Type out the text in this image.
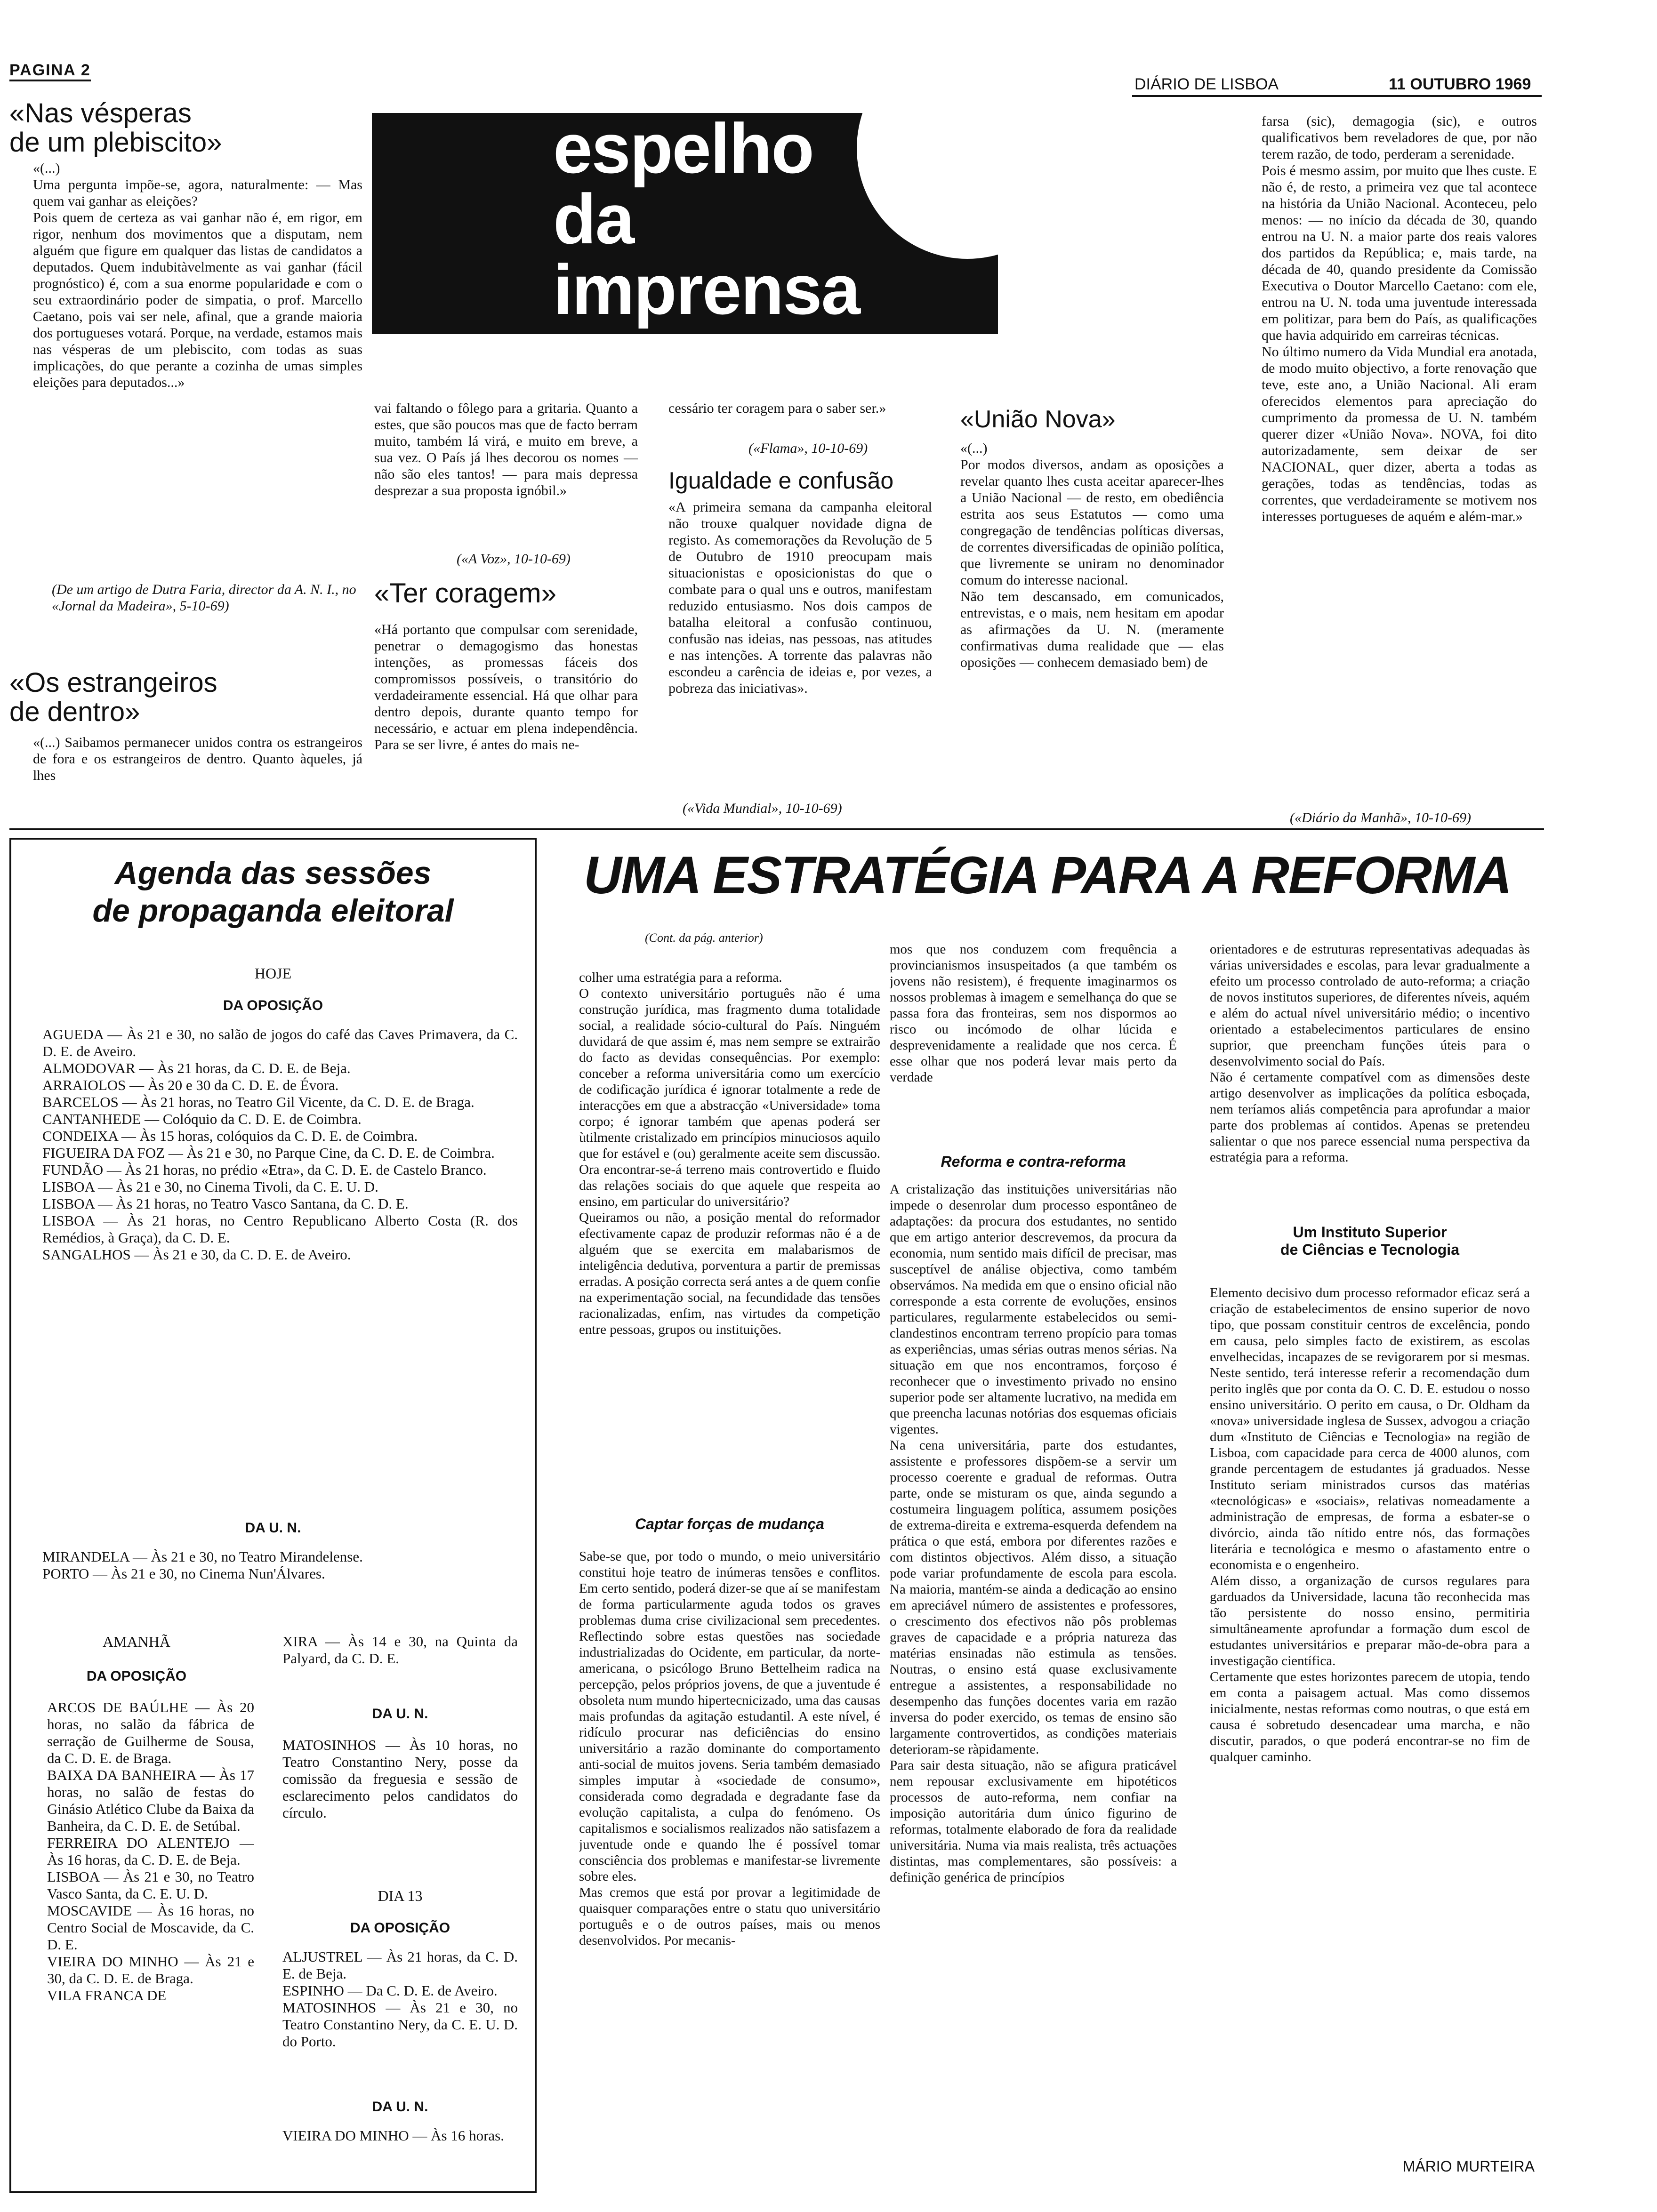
PAGINA 2
DIÁRIO DE LISBOA	11 OUTUBRO 1969
espelho
da
imprensa
«Nas vésperas
de um plebiscito»
«(...)
Uma pergunta impõe-se, agora, naturalmente: — Mas quem vai ganhar as eleições?
Pois quem de certeza as vai ganhar não é, em rigor, em rigor, nenhum dos movimentos que a disputam, nem alguém que figure em qualquer das listas de candidatos a deputados. Quem indubitàvelmente as vai ganhar (fácil prognóstico) é, com a sua enorme popularidade e com o seu extraordinário poder de simpatia, o prof. Marcello Caetano, pois vai ser nele, afinal, que a grande maioria dos portugueses votará. Porque, na verdade, estamos mais nas vésperas de um plebiscito, com todas as suas implicações, do que perante a cozinha de umas simples eleições para deputados...»
(De um artigo de Dutra Faria, director da A. N. I., no «Jornal da Madeira», 5-10-69)
«Os estrangeiros
de dentro»
«(...) Saibamos permanecer unidos contra os estrangeiros de fora e os estrangeiros de dentro. Quanto àqueles, já lhes
vai faltando o fôlego para a gritaria. Quanto a estes, que são poucos mas que de facto berram muito, também lá virá, e muito em breve, a sua vez. O País já lhes decorou os nomes — não são eles tantos! — para mais depressa desprezar a sua proposta ignóbil.»
(«A Voz», 10-10-69)
«Ter coragem»
«Há portanto que compulsar com serenidade, penetrar o demagogismo das honestas intenções, as promessas fáceis dos compromissos possíveis, o transitório do verdadeiramente essencial. Há que olhar para dentro depois, durante quanto tempo for necessário, e actuar em plena independência. Para se ser livre, é antes do mais ne-
cessário ter coragem para o saber ser.»
(«Flama», 10-10-69)
Igualdade e confusão
«A primeira semana da campanha eleitoral não trouxe qualquer novidade digna de registo. As comemorações da Revolução de 5 de Outubro de 1910 preocupam mais situacionistas e oposicionistas do que o combate para o qual uns e outros, manifestam reduzido entusiasmo. Nos dois campos de batalha eleitoral a confusão continuou, confusão nas ideias, nas pessoas, nas atitudes e nas intenções. A torrente das palavras não escondeu a carência de ideias e, por vezes, a pobreza das iniciativas».
(«Vida Mundial», 10-10-69)
«União Nova»
«(...)
Por modos diversos, andam as oposições a revelar quanto lhes custa aceitar aparecer-lhes a União Nacional — de resto, em obediência estrita aos seus Estatutos — como uma congregação de tendências políticas diversas, de correntes diversificadas de opinião política, que livremente se uniram no denominador comum do interesse nacional.
Não tem descansado, em comunicados, entrevistas, e o mais, nem hesitam em apodar as afirmações da U. N. (meramente confirmativas duma realidade que — elas oposições — conhecem demasiado bem) de
farsa (sic), demagogia (sic), e outros qualificativos bem reveladores de que, por não terem razão, de todo, perderam a serenidade.
Pois é mesmo assim, por muito que lhes custe. E não é, de resto, a primeira vez que tal acontece na história da União Nacional. Aconteceu, pelo menos: — no início da década de 30, quando entrou na U. N. a maior parte dos reais valores dos partidos da República; e, mais tarde, na década de 40, quando presidente da Comissão Executiva o Doutor Marcello Caetano: com ele, entrou na U. N. toda uma juventude interessada em politizar, para bem do País, as qualificações que havia adquirido em carreiras técnicas.
No último numero da Vida Mundial era anotada, de modo muito objectivo, a forte renovação que teve, este ano, a União Nacional. Ali eram oferecidos elementos para apreciação do cumprimento da promessa de U. N. também querer dizer «União Nova». NOVA, foi dito autorizadamente, sem deixar de ser NACIONAL, quer dizer, aberta a todas as gerações, todas as tendências, todas as correntes, que verdadeiramente se motivem nos interesses portugueses de aquém e além-mar.»
(«Diário da Manhã», 10-10-69)
Agenda das sessões
de propaganda eleitoral
HOJE
DA OPOSIÇÃO
AGUEDA — Às 21 e 30, no salão de jogos do café das Caves Primavera, da C. D. E. de Aveiro.
ALMODOVAR — Às 21 horas, da C. D. E. de Beja.
ARRAIOLOS — Às 20 e 30 da C. D. E. de Évora.
BARCELOS — Às 21 horas, no Teatro Gil Vicente, da C. D. E. de Braga.
CANTANHEDE — Colóquio da C. D. E. de Coimbra.
CONDEIXA — Às 15 horas, colóquios da C. D. E. de Coimbra.
FIGUEIRA DA FOZ — Às 21 e 30, no Parque Cine, da C. D. E. de Coimbra.
FUNDÃO — Às 21 horas, no prédio «Etra», da C. D. E. de Castelo Branco.
LISBOA — Às 21 e 30, no Cinema Tivoli, da C. E. U. D.
LISBOA — Às 21 horas, no Teatro Vasco Santana, da C. D. E.
LISBOA — Às 21 horas, no Centro Republicano Alberto Costa (R. dos Remédios, à Graça), da C. D. E.
SANGALHOS — Às 21 e 30, da C. D. E. de Aveiro.
DA U. N.
MIRANDELA — Às 21 e 30, no Teatro Mirandelense.
PORTO — Às 21 e 30, no Cinema Nun'Álvares.
AMANHÃ
DA OPOSIÇÃO
ARCOS DE BAÚLHE — Às 20 horas, no salão da fábrica de serração de Guilherme de Sousa, da C. D. E. de Braga.
BAIXA DA BANHEIRA — Às 17 horas, no salão de festas do Ginásio Atlético Clube da Baixa da Banheira, da C. D. E. de Setúbal.
FERREIRA DO ALENTEJO — Às 16 horas, da C. D. E. de Beja.
LISBOA — Às 21 e 30, no Teatro Vasco Santa, da C. E. U. D.
MOSCAVIDE — Às 16 horas, no Centro Social de Moscavide, da C. D. E.
VIEIRA DO MINHO — Às 21 e 30, da C. D. E. de Braga.
VILA FRANCA DE
XIRA — Às 14 e 30, na Quinta da Palyard, da C. D. E.
DA U. N.
MATOSINHOS — Às 10 horas, no Teatro Constantino Nery, posse da comissão da freguesia e sessão de esclarecimento pelos candidatos do círculo.
DIA 13
DA OPOSIÇÃO
ALJUSTREL — Às 21 horas, da C. D. E. de Beja.
ESPINHO — Da C. D. E. de Aveiro.
MATOSINHOS — Às 21 e 30, no Teatro Constantino Nery, da C. E. U. D. do Porto.
DA U. N.
VIEIRA DO MINHO — Às 16 horas.
UMA ESTRATÉGIA PARA A REFORMA
(Cont. da pág. anterior)
colher uma estratégia para a reforma.
O contexto universitário português não é uma construção jurídica, mas fragmento duma totalidade social, a realidade sócio-cultural do País. Ninguém duvidará de que assim é, mas nem sempre se extrairão do facto as devidas consequências. Por exemplo: conceber a reforma universitária como um exercício de codificação jurídica é ignorar totalmente a rede de interacções em que a abstracção «Universidade» toma corpo; é ignorar também que apenas poderá ser ùtilmente cristalizado em princípios minuciosos aquilo que for estável e (ou) geralmente aceite sem discussão. Ora encontrar-se-á terreno mais controvertido e fluido das relações sociais do que aquele que respeita ao ensino, em particular do universitário?
Queiramos ou não, a posição mental do reformador efectivamente capaz de produzir reformas não é a de alguém que se exercita em malabarismos de inteligência dedutiva, porventura a partir de premissas erradas. A posição correcta será antes a de quem confie na experimentação social, na fecundidade das tensões racionalizadas, enfim, nas virtudes da competição entre pessoas, grupos ou instituições.
Captar forças de mudança
Sabe-se que, por todo o mundo, o meio universitário constitui hoje teatro de inúmeras tensões e conflitos. Em certo sentido, poderá dizer-se que aí se manifestam de forma particularmente aguda todos os graves problemas duma crise civilizacional sem precedentes. Reflectindo sobre estas questões nas sociedade industrializadas do Ocidente, em particular, da norte-americana, o psicólogo Bruno Bettelheim radica na percepção, pelos próprios jovens, de que a juventude é obsoleta num mundo hipertecnicizado, uma das causas mais profundas da agitação estudantil. A este nível, é ridículo procurar nas deficiências do ensino universitário a razão dominante do comportamento anti-social de muitos jovens. Seria também demasiado simples imputar à «sociedade de consumo», considerada como degradada e degradante fase da evolução capitalista, a culpa do fenómeno. Os capitalismos e socialismos realizados não satisfazem a juventude onde e quando lhe é possível tomar consciência dos problemas e manifestar-se livremente sobre eles.
Mas cremos que está por provar a legitimidade de quaisquer comparações entre o statu quo universitário português e o de outros países, mais ou menos desenvolvidos. Por mecanis-
mos que nos conduzem com frequência a provincianismos insuspeitados (a que também os jovens não resistem), é frequente imaginarmos os nossos problemas à imagem e semelhança do que se passa fora das fronteiras, sem nos dispormos ao risco ou incómodo de olhar lúcida e desprevenidamente a realidade que nos cerca. É esse olhar que nos poderá levar mais perto da verdade
Reforma e contra-reforma
A cristalização das instituições universitárias não impede o desenrolar dum processo espontâneo de adaptações: da procura dos estudantes, no sentido que em artigo anterior descrevemos, da procura da economia, num sentido mais difícil de precisar, mas susceptível de análise objectiva, como também observámos. Na medida em que o ensino oficial não corresponde a esta corrente de evoluções, ensinos particulares, regularmente estabelecidos ou semi-clandestinos encontram terreno propício para tomas as experiências, umas sérias outras menos sérias. Na situação em que nos encontramos, forçoso é reconhecer que o investimento privado no ensino superior pode ser altamente lucrativo, na medida em que preencha lacunas notórias dos esquemas oficiais vigentes.
Na cena universitária, parte dos estudantes, assistente e professores dispõem-se a servir um processo coerente e gradual de reformas. Outra parte, onde se misturam os que, ainda segundo a costumeira linguagem política, assumem posições de extrema-direita e extrema-esquerda defendem na prática o que está, embora por diferentes razões e com distintos objectivos. Além disso, a situação pode variar profundamente de escola para escola. Na maioria, mantém-se ainda a dedicação ao ensino em apreciável número de assistentes e professores, o crescimento dos efectivos não pôs problemas graves de capacidade e a própria natureza das matérias ensinadas não estimula as tensões. Noutras, o ensino está quase exclusivamente entregue a assistentes, a responsabilidade no desempenho das funções docentes varia em razão inversa do poder exercido, os temas de ensino são largamente controvertidos, as condições materiais deterioram-se ràpidamente.
Para sair desta situação, não se afigura praticável nem repousar exclusivamente em hipotéticos processos de auto-reforma, nem confiar na imposição autoritária dum único figurino de reformas, totalmente elaborado de fora da realidade universitária. Numa via mais realista, três actuações distintas, mas complementares, são possíveis: a definição genérica de princípios
orientadores e de estruturas representativas adequadas às várias universidades e escolas, para levar gradualmente a efeito um processo controlado de auto-reforma; a criação de novos institutos superiores, de diferentes níveis, aquém e além do actual nível universitário médio; o incentivo orientado a estabelecimentos particulares de ensino suprior, que preencham funções úteis para o desenvolvimento social do País.
Não é certamente compatível com as dimensões deste artigo desenvolver as implicações da política esboçada, nem teríamos aliás competência para aprofundar a maior parte dos problemas aí contidos. Apenas se pretendeu salientar o que nos parece essencial numa perspectiva da estratégia para a reforma.
Um Instituto Superior
de Ciências e Tecnologia
Elemento decisivo dum processo reformador eficaz será a criação de estabelecimentos de ensino superior de novo tipo, que possam constituir centros de excelência, pondo em causa, pelo simples facto de existirem, as escolas envelhecidas, incapazes de se revigorarem por si mesmas. Neste sentido, terá interesse referir a recomendação dum perito inglês que por conta da O. C. D. E. estudou o nosso ensino universitário. O perito em causa, o Dr. Oldham da «nova» universidade inglesa de Sussex, advogou a criação dum «Instituto de Ciências e Tecnologia» na região de Lisboa, com capacidade para cerca de 4000 alunos, com grande percentagem de estudantes já graduados. Nesse Instituto seriam ministrados cursos das matérias «tecnológicas» e «sociais», relativas nomeadamente a administração de empresas, de forma a esbater-se o divórcio, ainda tão nítido entre nós, das formações literária e tecnológica e mesmo o afastamento entre o economista e o engenheiro.
Além disso, a organização de cursos regulares para garduados da Universidade, lacuna tão reconhecida mas tão persistente do nosso ensino, permitiria simultâneamente aprofundar a formação dum escol de estudantes universitários e preparar mão-de-obra para a investigação científica.
Certamente que estes horizontes parecem de utopia, tendo em conta a paisagem actual. Mas como dissemos inicialmente, nestas reformas como noutras, o que está em causa é sobretudo desencadear uma marcha, e não discutir, parados, o que poderá encontrar-se no fim de qualquer caminho.
MÁRIO MURTEIRA
